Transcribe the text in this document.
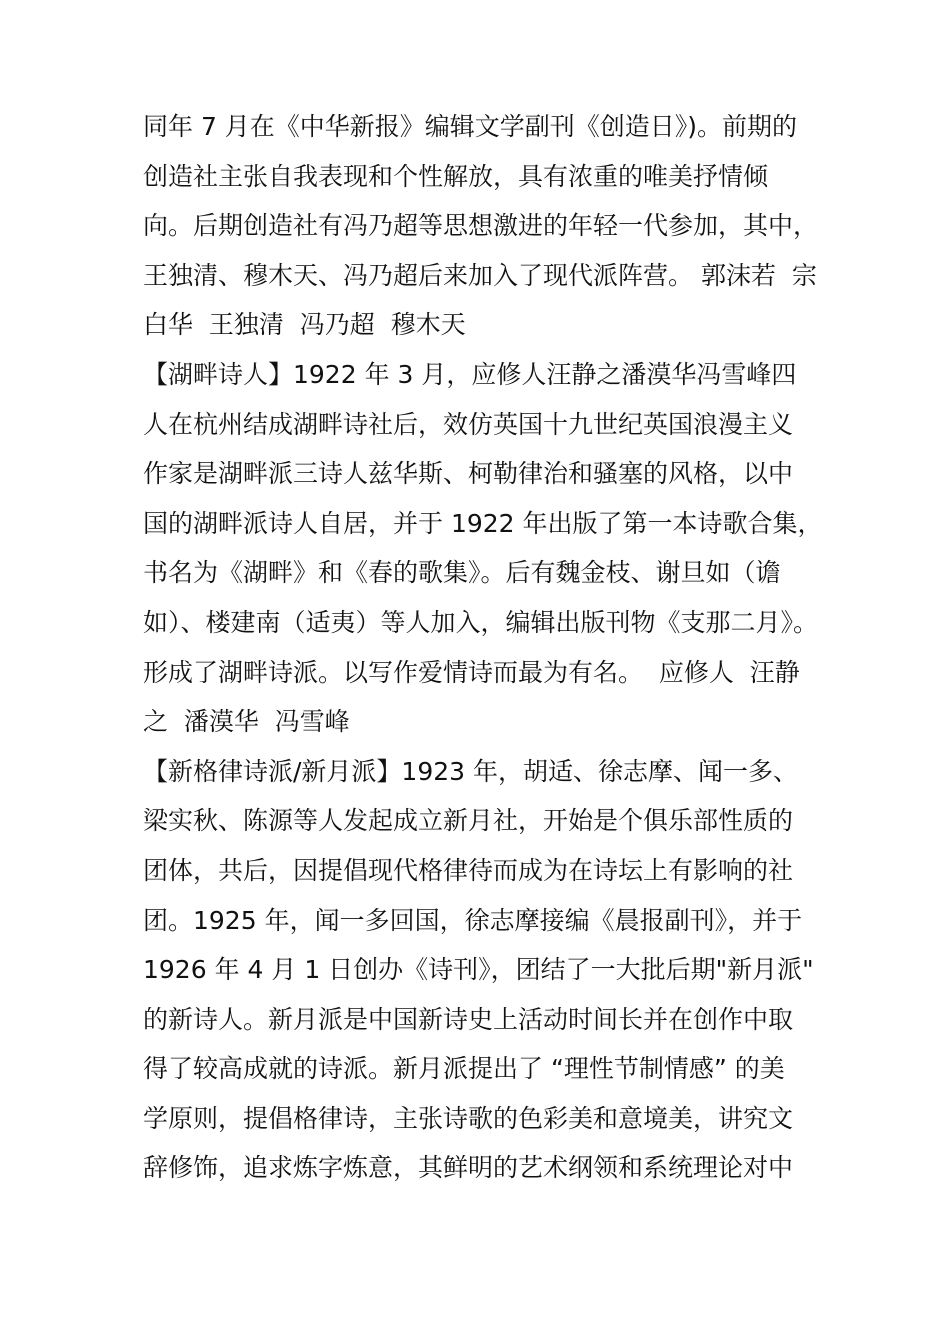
同年 7 月在《中华新报》编辑文学副刊《创造日》)。前期的
创造社主张自我表现和个性解放，具有浓重的唯美抒情倾
向。后期创造社有冯乃超等思想激进的年轻一代参加，其中，
王独清、穆木天、冯乃超后来加入了现代派阵营。 郭沫若  宗
白华  王独清  冯乃超  穆木天
【湖畔诗人】1922 年 3 月，应修人汪静之潘漠华冯雪峰四
人在杭州结成湖畔诗社后，效仿英国十九世纪英国浪漫主义
作家是湖畔派三诗人兹华斯、柯勒律治和骚塞的风格，以中
国的湖畔派诗人自居，并于 1922 年出版了第一本诗歌合集，
书名为《湖畔》和《春的歌集》。后有魏金枝、谢旦如（谵
如）、楼建南（适夷）等人加入，编辑出版刊物《支那二月》。
形成了湖畔诗派。以写作爱情诗而最为有名。  应修人  汪静
之  潘漠华  冯雪峰
【新格律诗派/新月派】1923 年，胡适、徐志摩、闻一多、
梁实秋、陈源等人发起成立新月社，开始是个俱乐部性质的
团体，共后，因提倡现代格律待而成为在诗坛上有影响的社
团。1925 年，闻一多回国，徐志摩接编《晨报副刊》，并于
1926 年 4 月 1 日创办《诗刊》，团结了一大批后期"新月派"
的新诗人。新月派是中国新诗史上活动时间长并在创作中取
得了较高成就的诗派。新月派提出了 “理性节制情感” 的美
学原则，提倡格律诗，主张诗歌的色彩美和意境美，讲究文
辞修饰，追求炼字炼意，其鲜明的艺术纲领和系统理论对中
